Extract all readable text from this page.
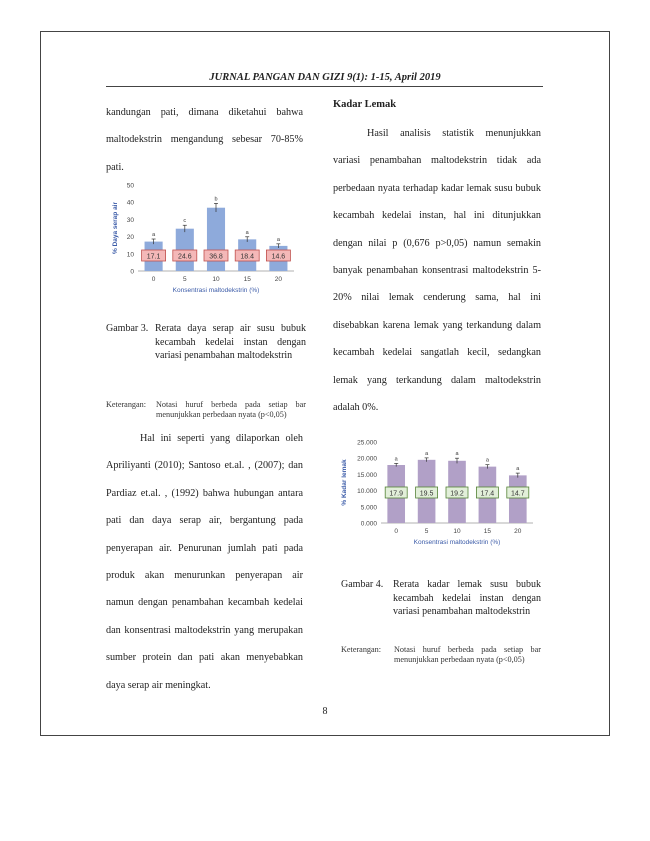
JURNAL PANGAN DAN GIZI 9(1): 1-15, April 2019

kandungan pati, dimana diketahui bahwa maltodekstrin mengandung sebesar 70-85% pati.

0
10
20
30
40
50
a
17.1
0
c
24.6
5
b
36.8
10
a
18.4
15
a
14.6
20
Konsentrasi maltodekstrin (%)
% Daya serap air
Gambar 3. Rerata daya serap air susu bubuk kecambah kedelai instan dengan variasi penambahan maltodekstrin
Keterangan: Notasi huruf berbeda pada setiap bar menunjukkan perbedaan nyata (p<0,05)

Hal ini seperti yang dilaporkan oleh Apriliyanti (2010); Santoso et.al. , (2007); dan Pardiaz et.al. , (1992) bahwa hubungan antara pati dan daya serap air, bergantung pada penyerapan air. Penurunan jumlah pati pada produk akan menurunkan penyerapan air namun dengan penambahan kecambah kedelai dan konsentrasi maltodekstrin yang merupakan sumber protein dan pati akan menyebabkan daya serap air meningkat.

Kadar Lemak

Hasil analisis statistik menunjukkan variasi penambahan maltodekstrin tidak ada perbedaan nyata terhadap kadar lemak susu bubuk kecambah kedelai instan, hal ini ditunjukkan dengan nilai p (0,676 p>0,05) namun semakin banyak penambahan konsentrasi maltodekstrin 5-20% nilai lemak cenderung sama, hal ini disebabkan karena lemak yang terkandung dalam kecambah kedelai sangatlah kecil, sedangkan lemak yang terkandung dalam maltodekstrin adalah 0%.

0.000
5.000
10.000
15.000
20.000
25.000
a
17.9
0
a
19.5
5
a
19.2
10
a
17.4
15
a
14.7
20
Konsentrasi maltodekstrin (%)
% Kadar lemak
Gambar 4. Rerata kadar lemak susu bubuk kecambah kedelai instan dengan variasi penambahan maltodekstrin
Keterangan: Notasi huruf berbeda pada setiap bar menunjukkan perbedaan nyata (p<0,05)
8
